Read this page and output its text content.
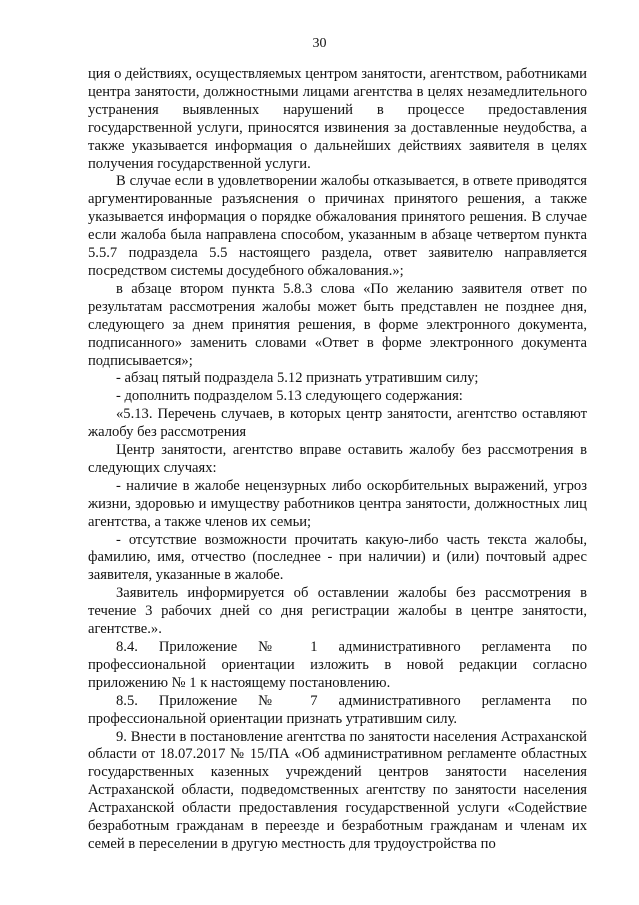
30

ция о действиях, осуществляемых центром занятости, агентством, работниками центра занятости, должностными лицами агентства в целях незамедлительного устранения выявленных нарушений в процессе предоставления государственной услуги, приносятся извинения за доставленные неудобства, а также указывается информация о дальнейших действиях заявителя в целях получения государственной услуги.

В случае если в удовлетворении жалобы отказывается, в ответе приводятся аргументированные разъяснения о причинах принятого решения, а также указывается информация о порядке обжалования принятого решения. В случае если жалоба была направлена способом, указанным в абзаце четвертом пункта 5.5.7 подраздела 5.5 настоящего раздела, ответ заявителю направляется посредством системы досудебного обжалования.»;

в абзаце втором пункта 5.8.3 слова «По желанию заявителя ответ по результатам рассмотрения жалобы может быть представлен не позднее дня, следующего за днем принятия решения, в форме электронного документа, подписанного» заменить словами «Ответ в форме электронного документа подписывается»;

- абзац пятый подраздела 5.12 признать утратившим силу;

- дополнить подразделом 5.13 следующего содержания:

«5.13. Перечень случаев, в которых центр занятости, агентство оставляют жалобу без рассмотрения

Центр занятости, агентство вправе оставить жалобу без рассмотрения в следующих случаях:

- наличие в жалобе нецензурных либо оскорбительных выражений, угроз жизни, здоровью и имуществу работников центра занятости, должностных лиц агентства, а также членов их семьи;

- отсутствие возможности прочитать какую-либо часть текста жалобы, фамилию, имя, отчество (последнее - при наличии) и (или) почтовый адрес заявителя, указанные в жалобе.

Заявитель информируется об оставлении жалобы без рассмотрения в течение 3 рабочих дней со дня регистрации жалобы в центре занятости, агентстве.».

8.4. Приложение № 1 административного регламента по профессиональной ориентации изложить в новой редакции согласно приложению № 1 к настоящему постановлению.

8.5. Приложение № 7 административного регламента по профессиональной ориентации признать утратившим силу.

9. Внести в постановление агентства по занятости населения Астраханской области от 18.07.2017 № 15/ПА «Об административном регламенте областных государственных казенных учреждений центров занятости населения Астраханской области, подведомственных агентству по занятости населения Астраханской области предоставления государственной услуги «Содействие безработным гражданам в переезде и безработным гражданам и членам их семей в переселении в другую местность для трудоустройства по
